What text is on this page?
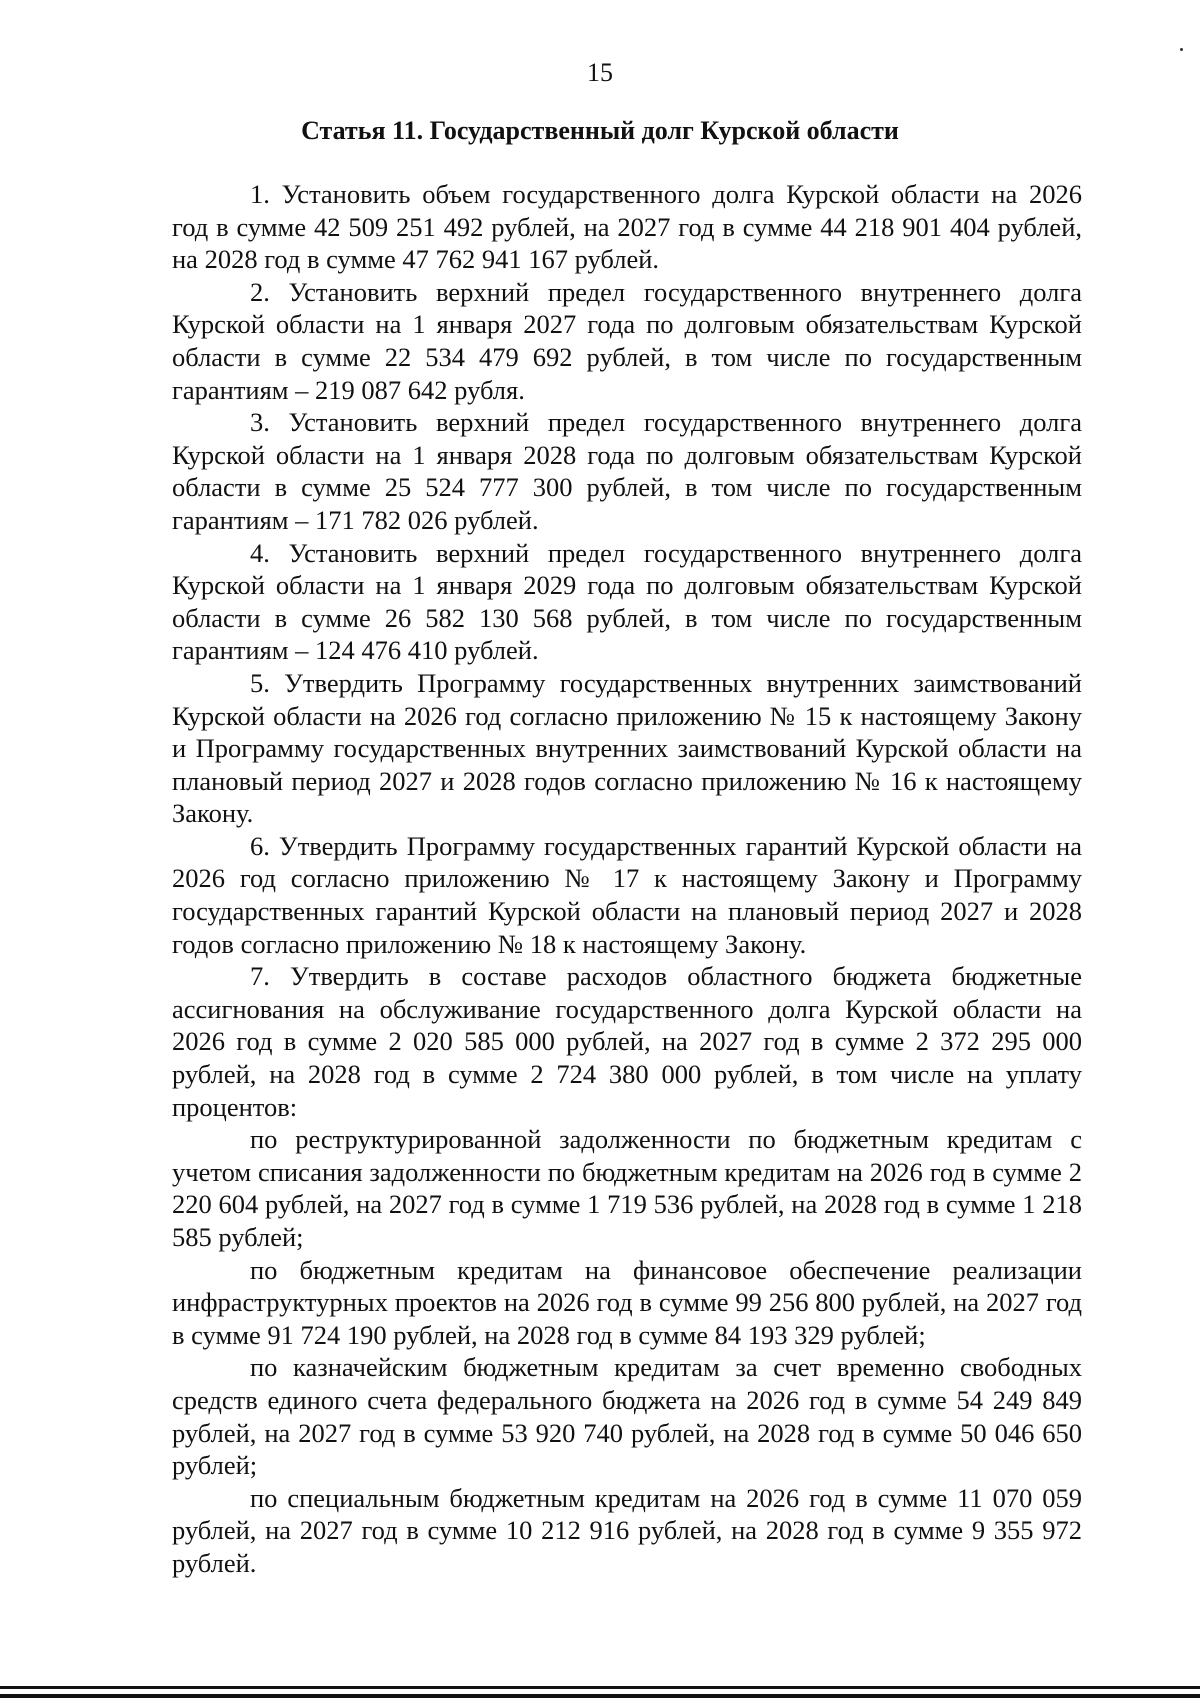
15
Статья 11. Государственный долг Курской области

1. Установить объем государственного долга Курской области на 2026 год в сумме 42 509 251 492 рублей, на 2027 год в сумме 44 218 901 404 рублей, на 2028 год в сумме 47 762 941 167 рублей.

2. Установить верхний предел государственного внутреннего долга Курской области на 1 января 2027 года по долговым обязательствам Курской области в сумме 22 534 479 692 рублей, в том числе по государственным гарантиям – 219 087 642 рубля.

3. Установить верхний предел государственного внутреннего долга Курской области на 1 января 2028 года по долговым обязательствам Курской области в сумме 25 524 777 300 рублей, в том числе по государственным гарантиям – 171 782 026 рублей.

4. Установить верхний предел государственного внутреннего долга Курской области на 1 января 2029 года по долговым обязательствам Курской области в сумме 26 582 130 568 рублей, в том числе по государственным гарантиям – 124 476 410 рублей.

5. Утвердить Программу государственных внутренних заимствований Курской области на 2026 год согласно приложению № 15 к настоящему Закону и Программу государственных внутренних заимствований Курской области на плановый период 2027 и 2028 годов согласно приложению № 16 к настоящему Закону.

6. Утвердить Программу государственных гарантий Курской области на 2026 год согласно приложению № 17 к настоящему Закону и Программу государственных гарантий Курской области на плановый период 2027 и 2028 годов согласно приложению № 18 к настоящему Закону.

7. Утвердить в составе расходов областного бюджета бюджетные ассигнования на обслуживание государственного долга Курской области на 2026 год в сумме 2 020 585 000 рублей, на 2027 год в сумме 2 372 295 000 рублей, на 2028 год в сумме 2 724 380 000 рублей, в том числе на уплату процентов:

по реструктурированной задолженности по бюджетным кредитам с учетом списания задолженности по бюджетным кредитам на 2026 год в сумме 2 220 604 рублей, на 2027 год в сумме 1 719 536 рублей, на 2028 год в сумме 1 218 585 рублей;

по бюджетным кредитам на финансовое обеспечение реализации инфраструктурных проектов на 2026 год в сумме 99 256 800 рублей, на 2027 год в сумме 91 724 190 рублей, на 2028 год в сумме 84 193 329 рублей;

по казначейским бюджетным кредитам за счет временно свободных средств единого счета федерального бюджета на 2026 год в сумме 54 249 849 рублей, на 2027 год в сумме 53 920 740 рублей, на 2028 год в сумме 50 046 650 рублей;

по специальным бюджетным кредитам на 2026 год в сумме 11 070 059 рублей, на 2027 год в сумме 10 212 916 рублей, на 2028 год в сумме 9 355 972 рублей.
